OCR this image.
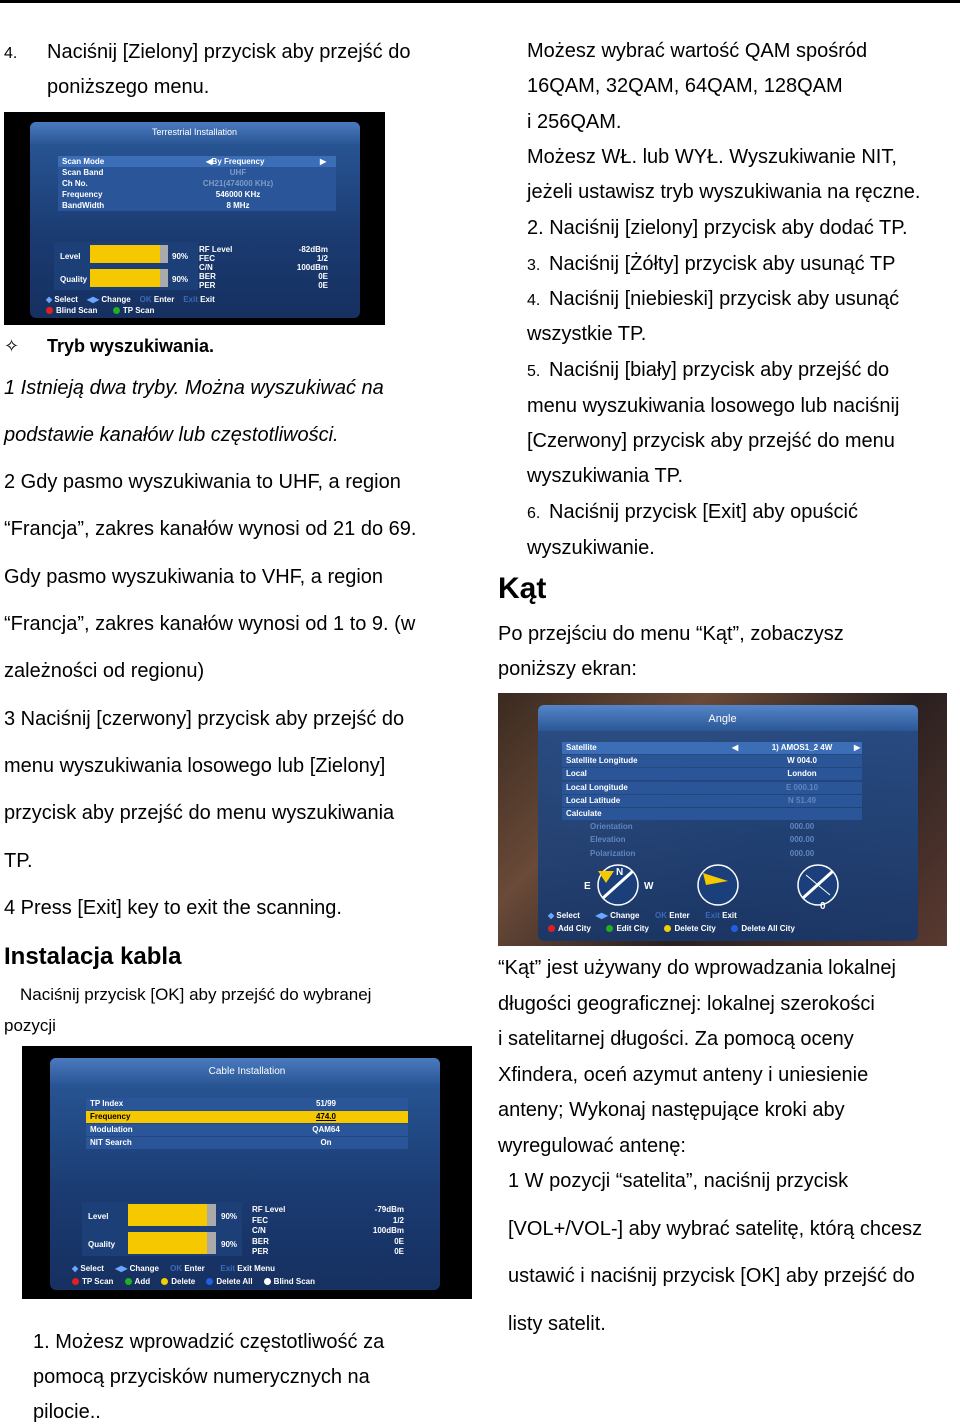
4. Naciśnij [Zielony] przycisk aby przejść do
poniższego menu.
Terrestrial Installation
Scan Mode	By Frequency
◀	▶
Scan Band	UHF
Ch No.	CH21(474000 KHz)
Frequency	546000 KHz
BandWidth	8 MHz
Level
Quality
90%
90%
RF Level	-82dBm
FEC	1/2
C/N	100dBm
BER	0E
PER	0E
◆ Select ◀▶ Change OK Enter Exit Exit
Blind Scan	TP Scan
✧ Tryb wyszukiwania.
1 Istnieją dwa tryby. Można wyszukiwać na
podstawie kanałów lub częstotliwości.
2 Gdy pasmo wyszukiwania to UHF, a region
“Francja”, zakres kanałów wynosi od 21 do 69.
Gdy pasmo wyszukiwania to VHF, a region
“Francja”, zakres kanałów wynosi od 1 to 9. (w
zależności od regionu)
3 Naciśnij [czerwony] przycisk aby przejść do
menu wyszukiwania losowego lub [Zielony]
przycisk aby przejść do menu wyszukiwania
TP.
4 Press [Exit] key to exit the scanning.
Instalacja kabla
Naciśnij przycisk [OK] aby przejść do wybranej
pozycji
Cable Installation
TP Index	51/99
Frequency	474.0
Modulation	QAM64
NIT Search	On
Level
Quality
90%
90%
RF Level	-79dBm
FEC	1/2
C/N	100dBm
BER	0E
PER	0E
◆ Select ◀▶ Change OK Enter Exit Exit Menu
TP Scan	Add	Delete	Delete All	Blind Scan
1. Możesz wprowadzić częstotliwość za
pomocą przycisków numerycznych na
pilocie..
Możesz wybrać wartość QAM spośród
16QAM, 32QAM, 64QAM, 128QAM
i 256QAM.
Możesz WŁ. lub WYŁ. Wyszukiwanie NIT,
jeżeli ustawisz tryb wyszukiwania na ręczne.
2. Naciśnij [zielony] przycisk aby dodać TP.
3. Naciśnij [Żółty] przycisk aby usunąć TP
4. Naciśnij [niebieski] przycisk aby usunąć
wszystkie TP.
5. Naciśnij [biały] przycisk aby przejść do
menu wyszukiwania losowego lub naciśnij
[Czerwony] przycisk aby przejść do menu
wyszukiwania TP.
6. Naciśnij przycisk [Exit] aby opuścić
wyszukiwanie.
Kąt
Po przejściu do menu “Kąt”, zobaczysz
poniższy ekran:
Angle
Satellite	1) AMOS1_2 4W
◀	▶
Satellite Longitude	W 004.0
Local	London
Local Longitude	E 000.10
Local Latitude	N 51.49
Calculate
Orientation	000.00
Elevation	000.00
Polarization	000.00
N
E	W
0
◆ Select ◀▶ Change OK Enter Exit Exit
Add City	Edit City	Delete City	Delete All City
“Kąt” jest używany do wprowadzania lokalnej
długości geograficznej: lokalnej szerokości
i satelitarnej długości. Za pomocą oceny
Xfindera, oceń azymut anteny i uniesienie
anteny; Wykonaj następujące kroki aby
wyregulować antenę:
1 W pozycji “satelita”, naciśnij przycisk
[VOL+/VOL-] aby wybrać satelitę, którą chcesz
ustawić i naciśnij przycisk [OK] aby przejść do
listy satelit.
